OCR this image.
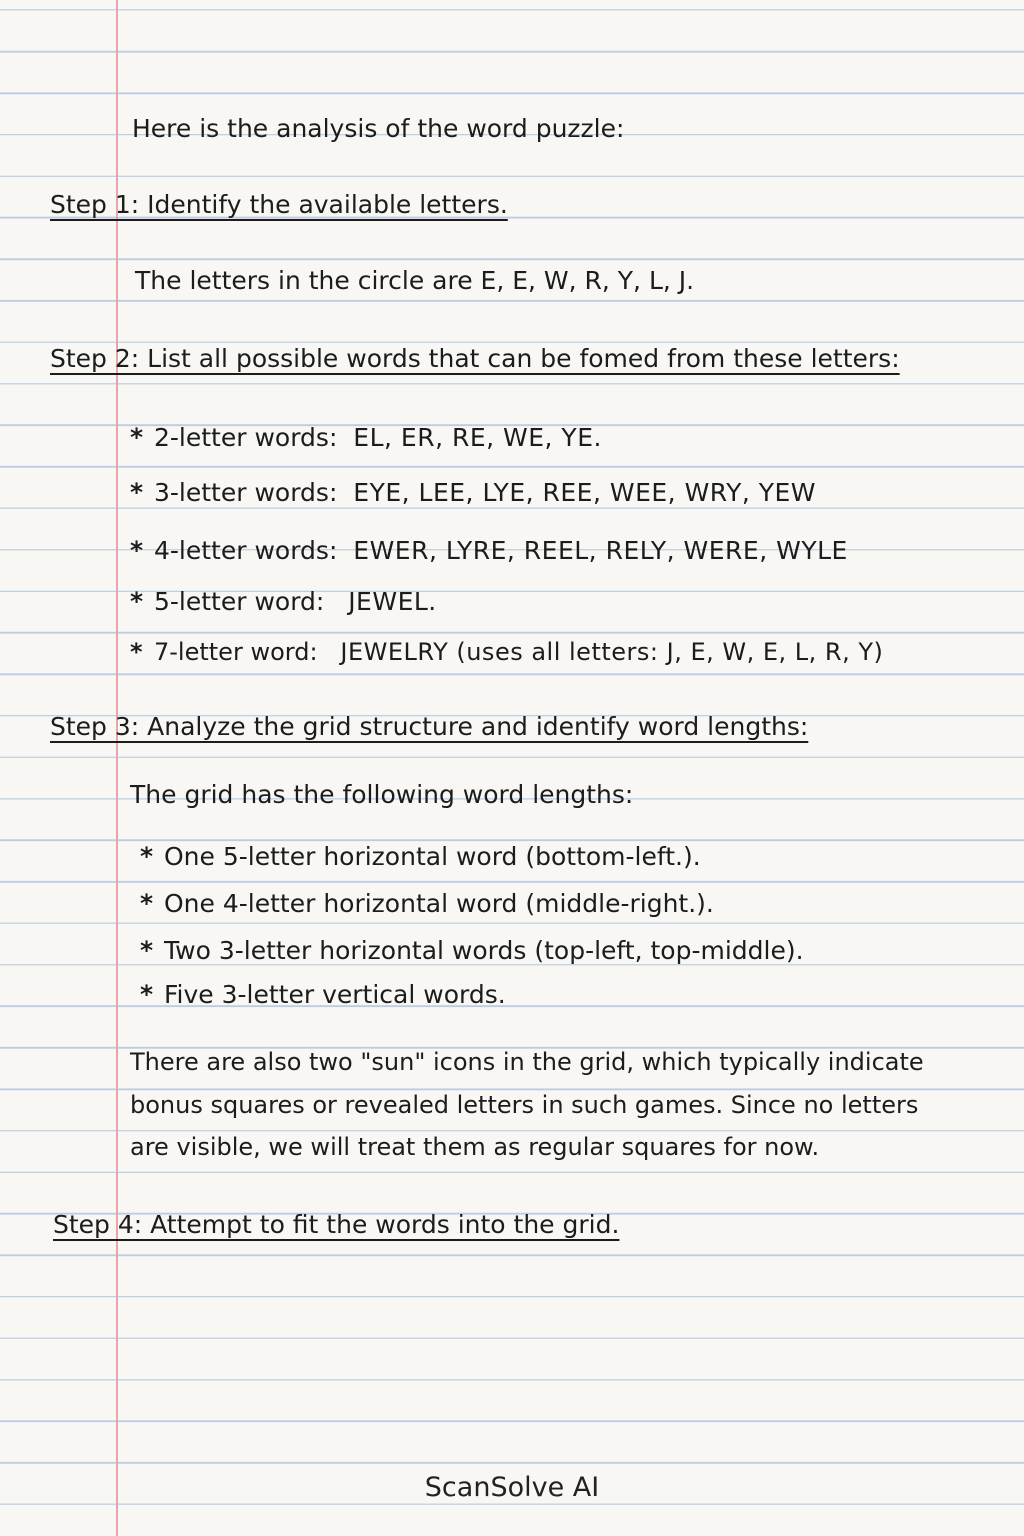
Here is the analysis of the word puzzle:
Step 1: Identify the available letters.
The letters in the circle are E, E, W, R, Y, L, J.
Step 2: List all possible words that can be fomed from these letters:
* 2-letter words: EL, ER, RE, WE, YE.
* 3-letter words: EYE, LEE, LYE, REE, WEE, WRY, YEW
* 4-letter words: EWER, LYRE, REEL, RELY, WERE, WYLE
* 5-letter word: JEWEL.
* 7-letter word: JEWELRY (uses all letters: J, E, W, E, L, R, Y)
Step 3: Analyze the grid structure and identify word lengths:
The grid has the following word lengths:
* One 5-letter horizontal word (bottom-left.).
* One 4-letter horizontal word (middle-right.).
* Two 3-letter horizontal words (top-left, top-middle).
* Five 3-letter vertical words.
There are also two "sun" icons in the grid, which typically indicate
bonus squares or revealed letters in such games. Since no letters
are visible, we will treat them as regular squares for now.
Step 4: Attempt to fit the words into the grid.
ScanSolve AI
